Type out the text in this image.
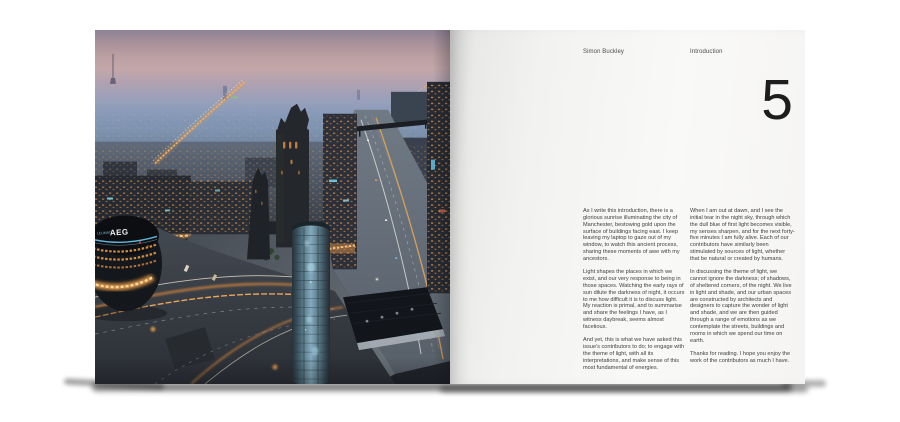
LEUMAT
AEG
Simon Buckley	Introduction
5

As I write this introduction, there is a glorious sunrise illuminating the city of Manchester, bestowing gold upon the surface of buildings facing east. I keep leaving my laptop to gaze out of my window, to watch this ancient process, sharing these moments of awe with my ancestors.

Light shapes the places in which we exist, and our very response to being in those spaces. Watching the early rays of sun dilute the darkness of night, it occurs to me how difficult it is to discuss light. My reaction is primal, and to summarise and share the feelings I have, as I witness daybreak, seems almost facetious.

And yet, this is what we have asked this issue's contributors to do; to engage with the theme of light, with all its interpretations, and make sense of this most fundamental of energies.

When I am out at dawn, and I see the initial tear in the night sky, through which the dull blue of first light becomes visible, my senses sharpen, and for the next forty-five minutes I am fully alive. Each of our contributors have similarly been stimulated by sources of light, whether that be natural or created by humans.

In discussing the theme of light, we cannot ignore the darkness; of shadows, of sheltered corners, of the night. We live in light and shade, and our urban spaces are constructed by architects and designers to capture the wonder of light and shade, and we are then guided through a range of emotions as we contemplate the streets, buildings and rooms in which we spend our time on earth.

Thanks for reading. I hope you enjoy the work of the contributors as much I have.
